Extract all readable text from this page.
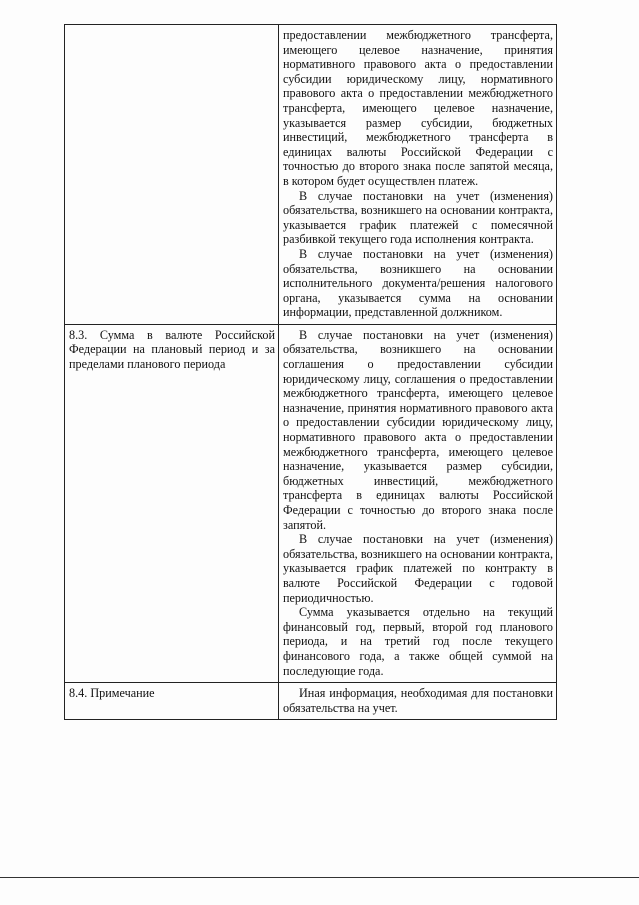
	предоставлении межбюджетного трансферта, имеющего целевое назначение, принятия нормативного правового акта о предоставлении субсидии юридическому лицу, нормативного правового акта о предоставлении межбюджетного трансферта, имеющего целевое назначение, указывается размер субсидии, бюджетных инвестиций, межбюджетного трансферта в единицах валюты Российской Федерации с точностью до второго знака после запятой месяца, в котором будет осуществлен платеж.

В случае постановки на учет (изменения) обязательства, возникшего на основании контракта, указывается график платежей с помесячной разбивкой текущего года исполнения контракта.

В случае постановки на учет (изменения) обязательства, возникшего на основании исполнительного документа/решения налогового органа, указывается сумма на основании информации, представленной должником.

8.3. Сумма в валюте Российской Федерации на плановый период и за пределами планового периода	В случае постановки на учет (изменения) обязательства, возникшего на основании соглашения о предоставлении субсидии юридическому лицу, соглашения о предоставлении межбюджетного трансферта, имеющего целевое назначение, принятия нормативного правового акта о предоставлении субсидии юридическому лицу, нормативного правового акта о предоставлении межбюджетного трансферта, имеющего целевое назначение, указывается размер субсидии, бюджетных инвестиций, межбюджетного трансферта в единицах валюты Российской Федерации с точностью до второго знака после запятой.

В случае постановки на учет (изменения) обязательства, возникшего на основании контракта, указывается график платежей по контракту в валюте Российской Федерации с годовой периодичностью.

Сумма указывается отдельно на текущий финансовый год, первый, второй год планового периода, и на третий год после текущего финансового года, а также общей суммой на последующие года.

8.4. Примечание	Иная информация, необходимая для постановки обязательства на учет.
